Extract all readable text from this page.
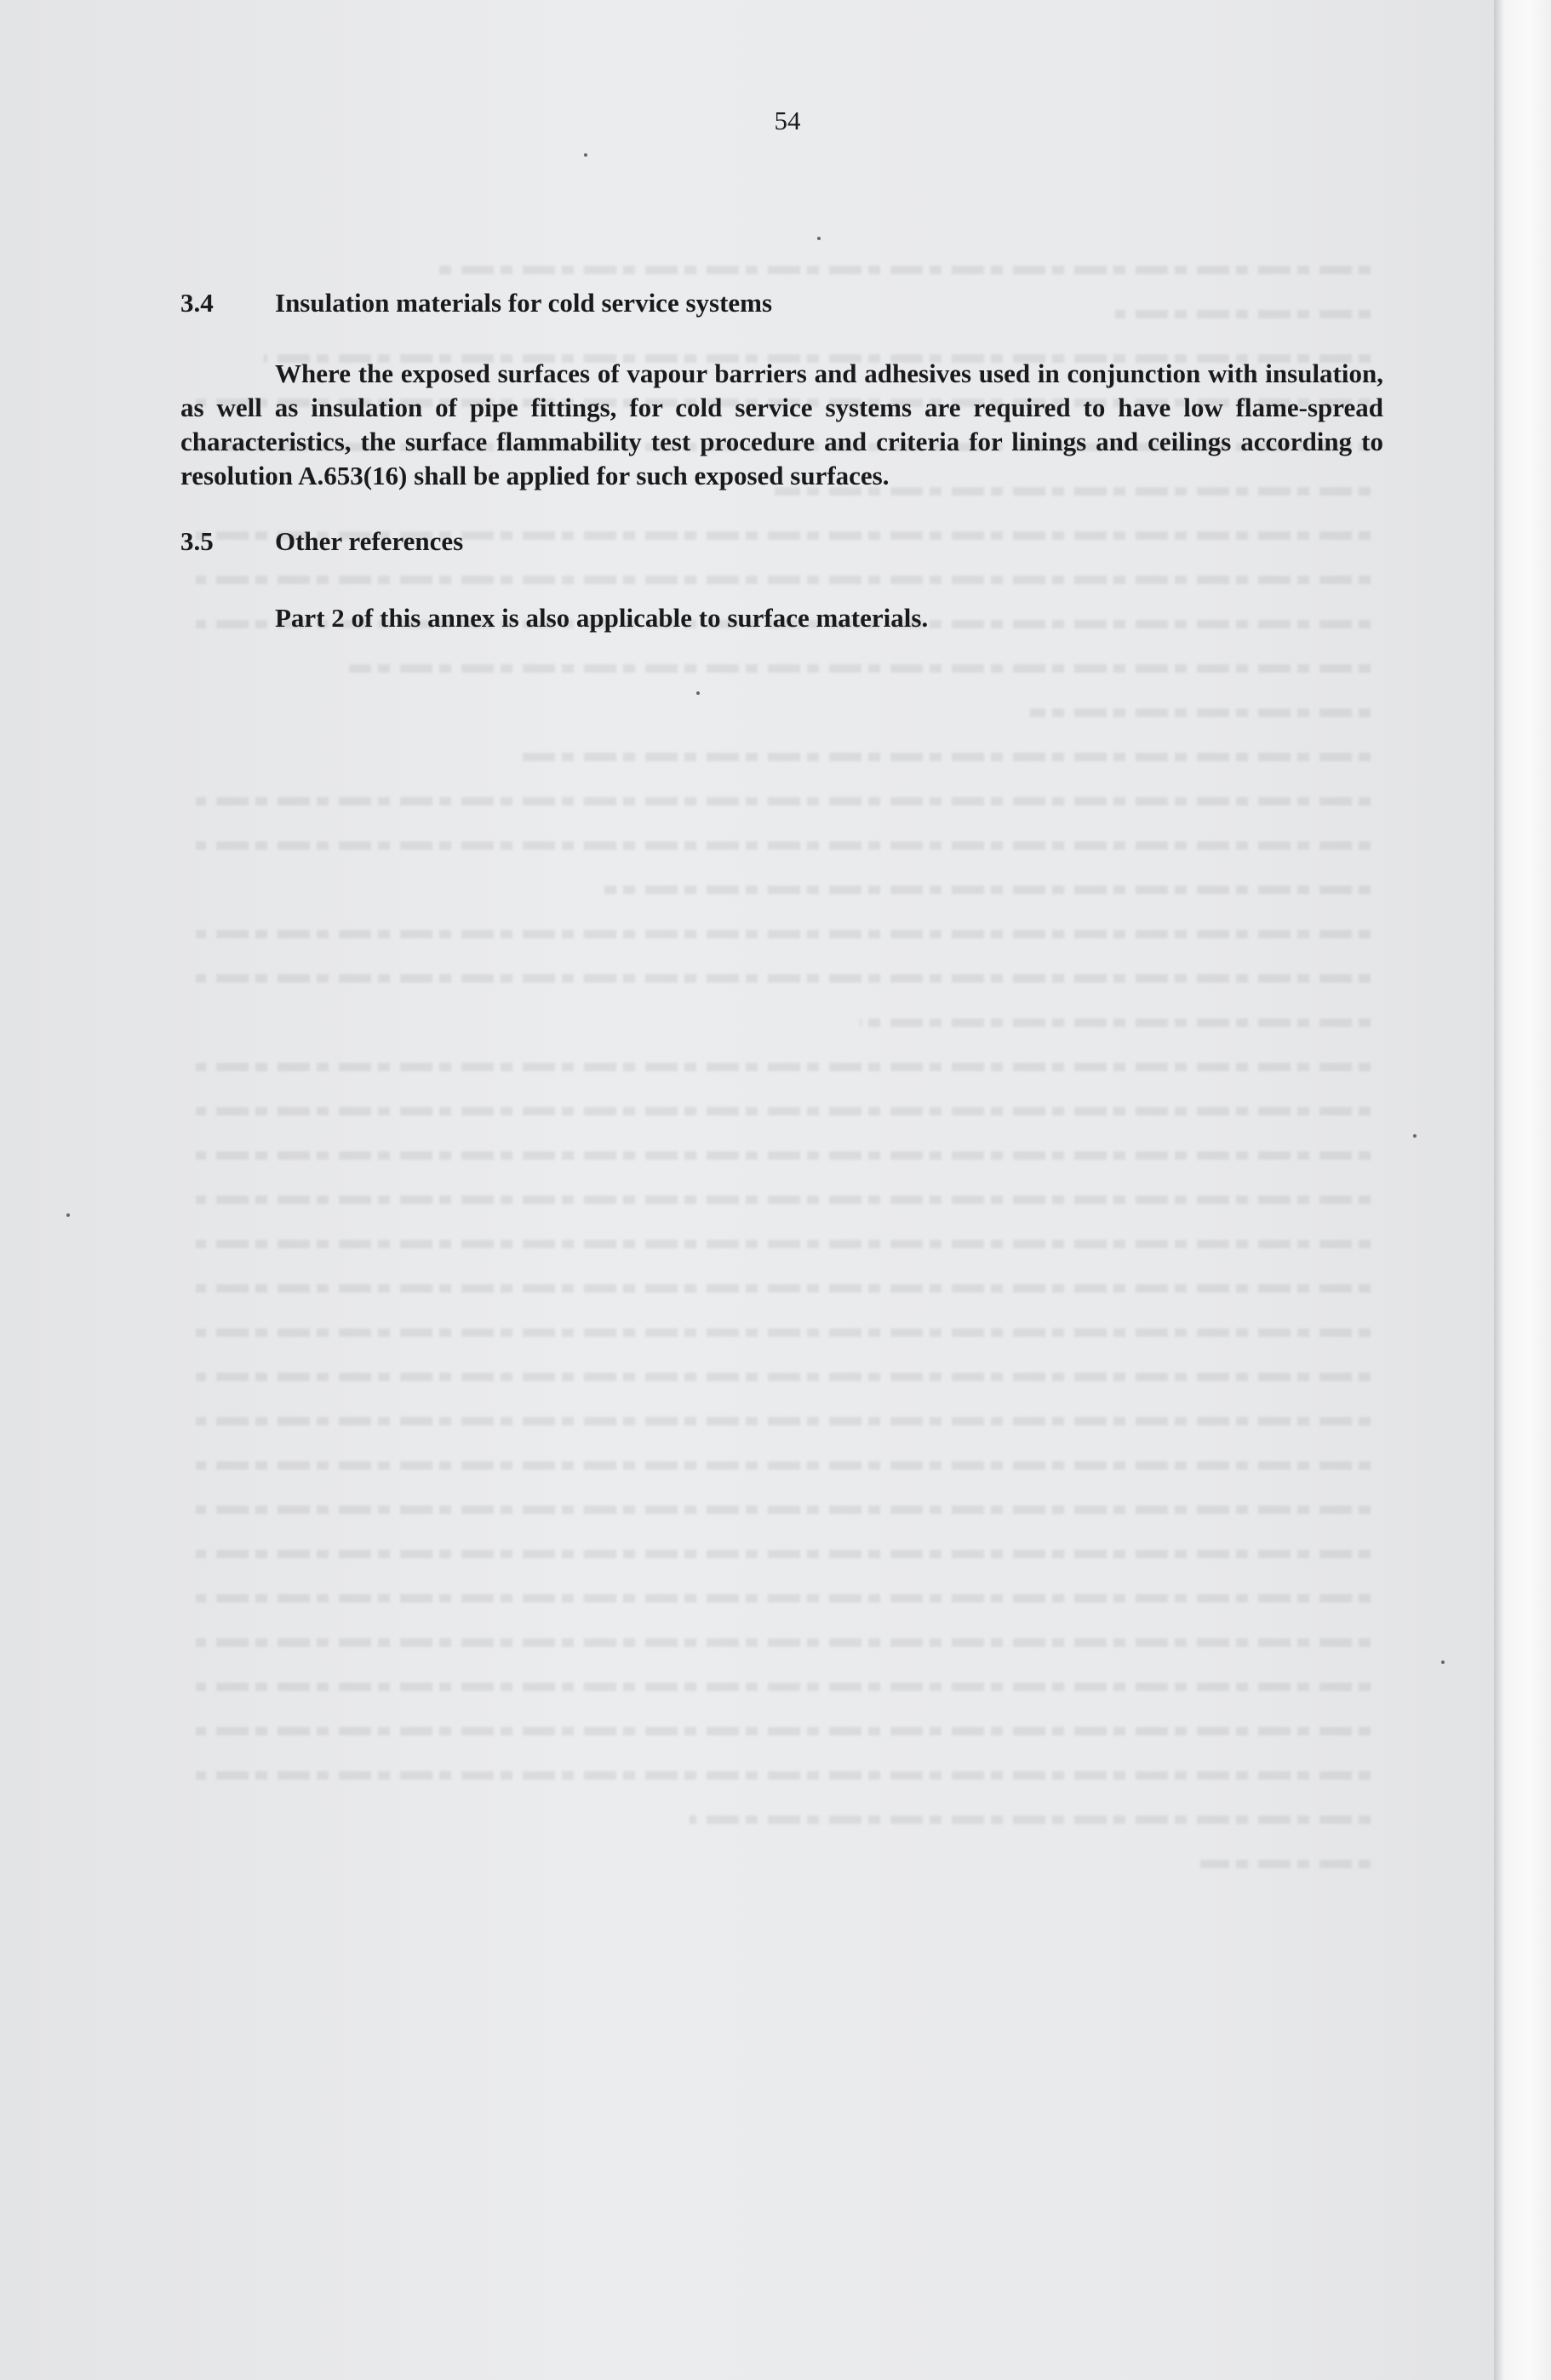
54
3.4 Insulation materials for cold service systems
Where the exposed surfaces of vapour barriers and adhesives used in conjunction with insulation, as well as insulation of pipe fittings, for cold service systems are required to have low flame-spread characteristics, the surface flammability test procedure and criteria for linings and ceilings according to resolution A.653(16) shall be applied for such exposed surfaces.
3.5 Other references
Part 2 of this annex is also applicable to surface materials.
